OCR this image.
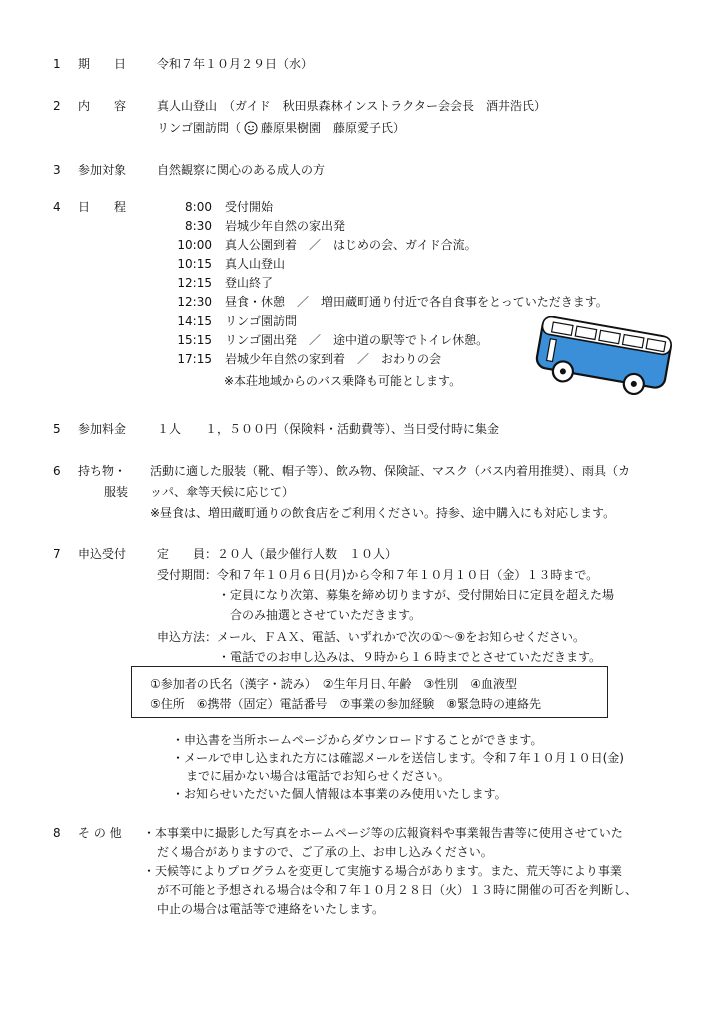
1 期　　日	令和７年１０月２９日（水）
2 内　　容	真人山登山　（ガイド　秋田県森林インストラクター会会長　酒井浩氏）
リンゴ園訪問（ 藤原果樹園　藤原愛子氏）
3 参加対象	自然観察に関心のある成人の方
4 日　　程	8:00 受付開始
8:30 岩城少年自然の家出発
10:00 真人公園到着　／　はじめの会、ガイド合流。
10:15 真人山登山
12:15 登山終了
12:30 昼食・休憩　／　増田蔵町通り付近で各自食事をとっていただきます。
14:15 リンゴ園訪問
15:15 リンゴ園出発　／　途中道の駅等でトイレ休憩。
17:15 岩城少年自然の家到着　／　おわりの会
※本荘地域からのバス乗降も可能とします。
5 参加料金	１人　　１，５００円（保険料・活動費等）、当日受付時に集金
6 持ち物・
服装
活動に適した服装（靴、帽子等）、飲み物、保険証、マスク（バス内着用推奨）、雨具（カ
ッパ、傘等天候に応じて）
※昼食は、増田蔵町通りの飲食店をご利用ください。持参、途中購入にも対応します。
7 申込受付	定　　員：２０人（最少催行人数　１０人）
受付期間：令和７年１０月６日(月)から令和７年１０月１０日（金）１３時まで。
・定員になり次第、募集を締め切りますが、受付開始日に定員を超えた場
合のみ抽選とさせていただきます。
申込方法：メール、ＦＡＸ、電話、いずれかで次の①～⑨をお知らせください。
・電話でのお申し込みは、９時から１６時までとさせていただきます。
①参加者の氏名（漢字・読み）　②生年月日､年齢　③性別　④血液型
⑤住所　⑥携帯（固定）電話番号　⑦事業の参加経験　⑧緊急時の連絡先
・申込書を当所ホームページからダウンロードすることができます。
・メールで申し込まれた方には確認メールを送信します。令和７年１０月１０日(金)
までに届かない場合は電話でお知らせください。
・お知らせいただいた個人情報は本事業のみ使用いたします。
8 そ の 他 ・本事業中に撮影した写真をホームページ等の広報資料や事業報告書等に使用させていた
だく場合がありますので、ご了承の上、お申し込みください。
・天候等によりプログラムを変更して実施する場合があります。また、荒天等により事業
が不可能と予想される場合は令和７年１０月２８日（火）１３時に開催の可否を判断し、
中止の場合は電話等で連絡をいたします。
